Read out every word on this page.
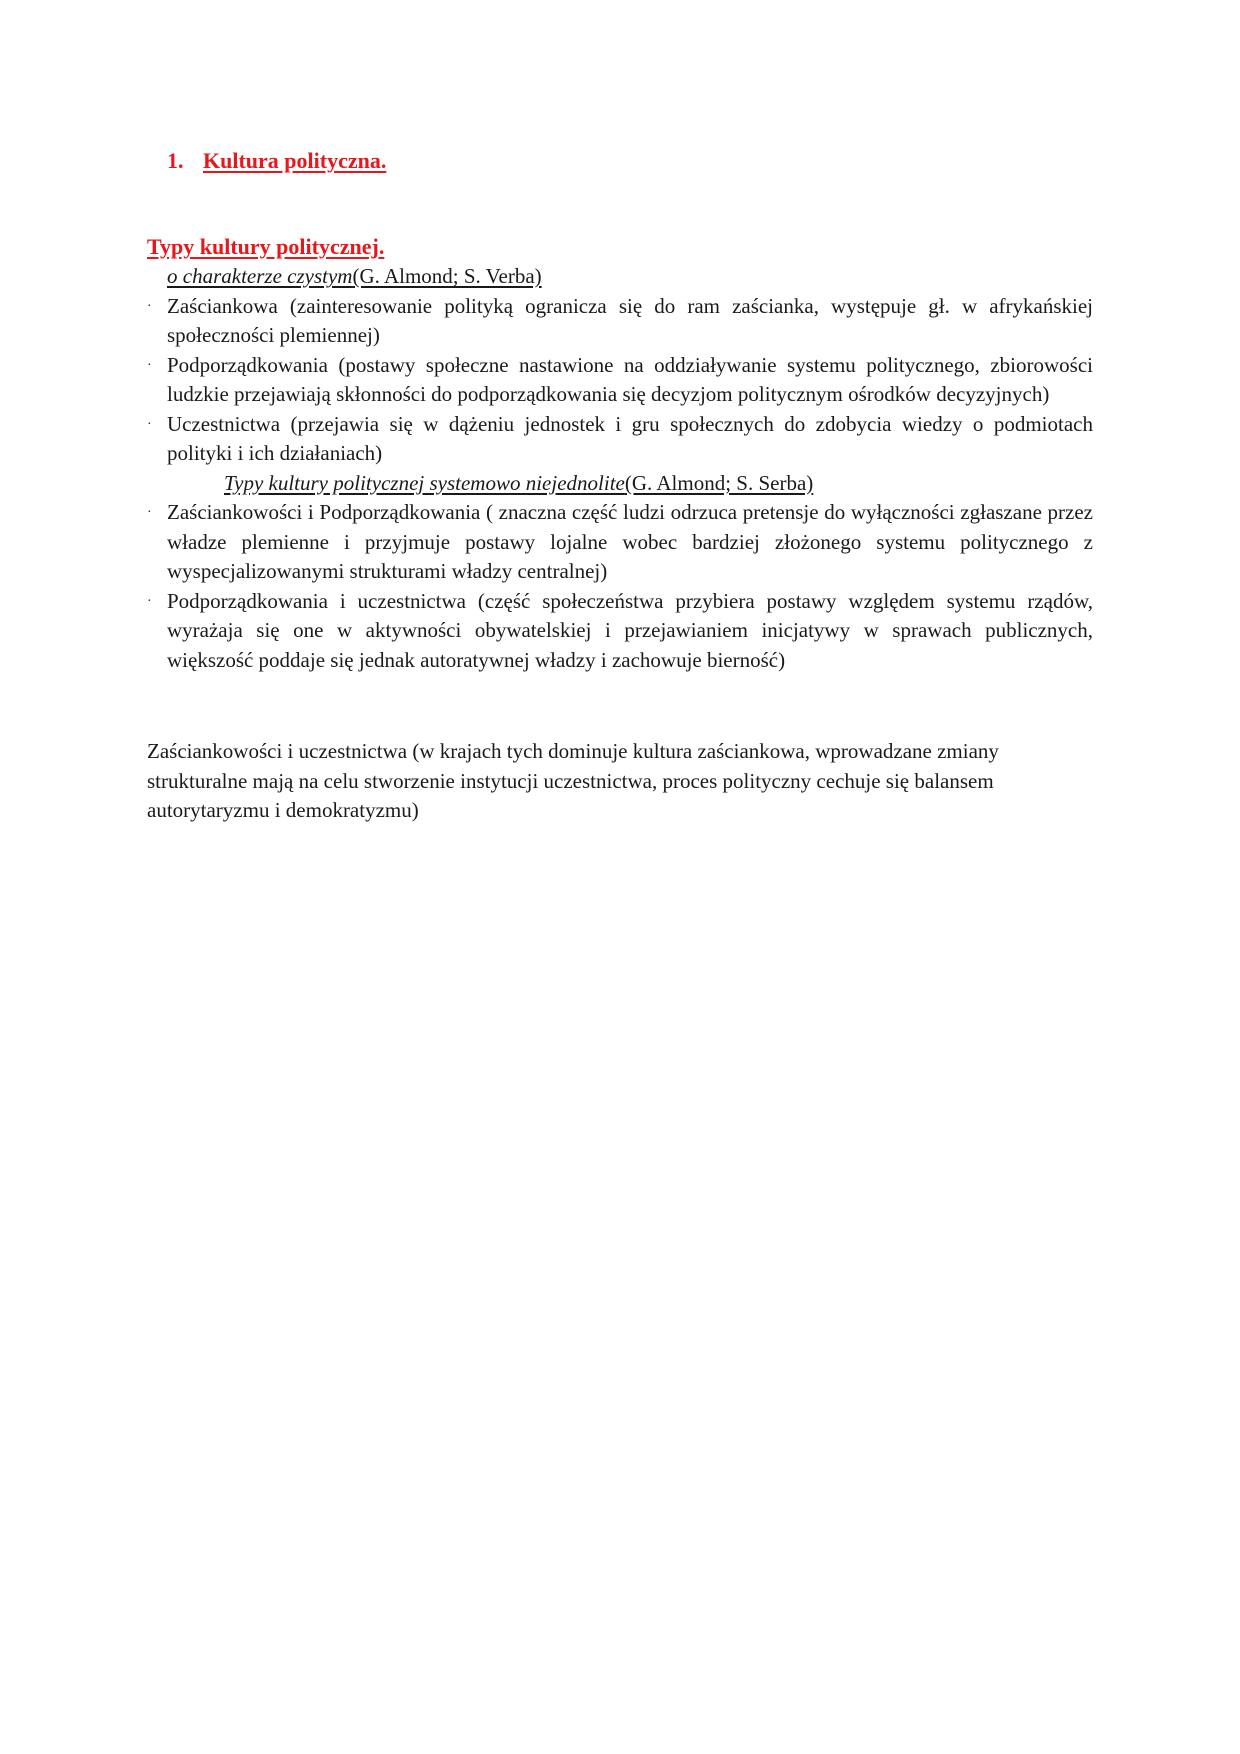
1. Kultura polityczna.
Typy kultury politycznej.
o charakterze czystym(G. Almond; S. Verba)
· Zaściankowa (zainteresowanie polityką ogranicza się do ram zaścianka, występuje gł. w afrykańskiej społeczności plemiennej)
· Podporządkowania (postawy społeczne nastawione na oddziaływanie systemu politycznego, zbiorowości ludzkie przejawiają skłonności do podporządkowania się decyzjom politycznym ośrodków decyzyjnych)
· Uczestnictwa (przejawia się w dążeniu jednostek i gru społecznych do zdobycia wiedzy o podmiotach polityki i ich działaniach)
Typy kultury politycznej systemowo niejednolite(G. Almond; S. Serba)
· Zaściankowości i Podporządkowania ( znaczna część ludzi odrzuca pretensje do wyłączności zgłaszane przez władze plemienne i przyjmuje postawy lojalne wobec bardziej złożonego systemu politycznego z wyspecjalizowanymi strukturami władzy centralnej)
· Podporządkowania i uczestnictwa (część społeczeństwa przybiera postawy względem systemu rządów, wyrażaja się one w aktywności obywatelskiej i przejawianiem inicjatywy w sprawach publicznych, większość poddaje się jednak autoratywnej władzy i zachowuje bierność)
Zaściankowości i uczestnictwa (w krajach tych dominuje kultura zaściankowa, wprowadzane zmiany strukturalne mają na celu stworzenie instytucji uczestnictwa, proces polityczny cechuje się balansem autorytaryzmu i demokratyzmu)
